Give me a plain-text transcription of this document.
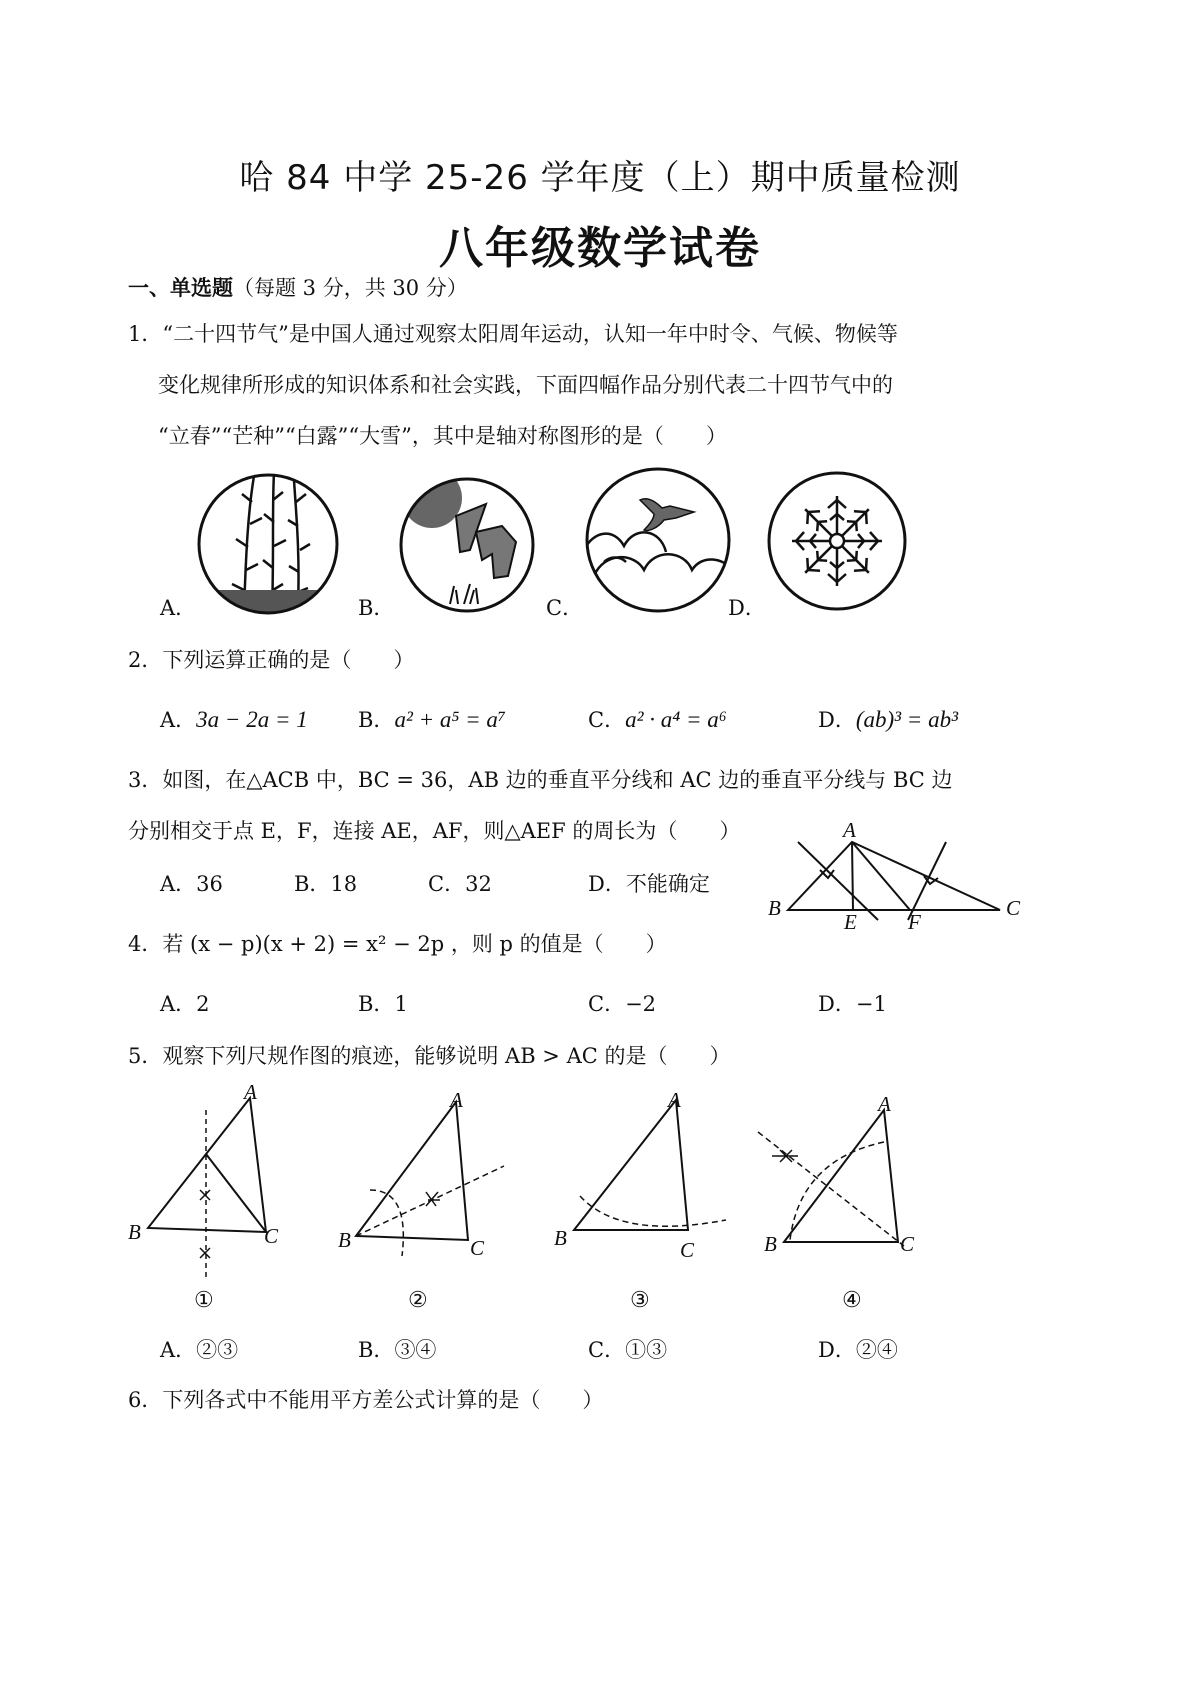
哈 84 中学 25-26 学年度（上）期中质量检测
八年级数学试卷
一、单选题（每题 3 分，共 30 分）
1．“二十四节气”是中国人通过观察太阳周年运动，认知一年中时令、气候、物候等
变化规律所形成的知识体系和社会实践，下面四幅作品分别代表二十四节气中的
“立春”“芒种”“白露”“大雪”，其中是轴对称图形的是（　　）
A．	B．	C．	D．
2．下列运算正确的是（　　）
A．3a − 2a = 1 B．a² + a⁵ = a⁷	C．a² · a⁴ = a⁶	D．(ab)³ = ab³
3．如图，在△ACB 中，BC = 36，AB 边的垂直平分线和 AC 边的垂直平分线与 BC 边
分别相交于点 E，F，连接 AE，AF，则△AEF 的周长为（　　）
A．36	B．18	C．32	D．不能确定
A
B	C
E F
4．若 (x − p)(x + 2) = x² − 2p ，则 p 的值是（　　）
A．2	B．1	C．−2	D．−1
5．观察下列尺规作图的痕迹，能够说明 AB > AC 的是（　　）
A
B	C
A
B	C
A
B	C
A
B	C
①	②	③	④
A．②③	B．③④	C．①③	D．②④
6．下列各式中不能用平方差公式计算的是（　　）
